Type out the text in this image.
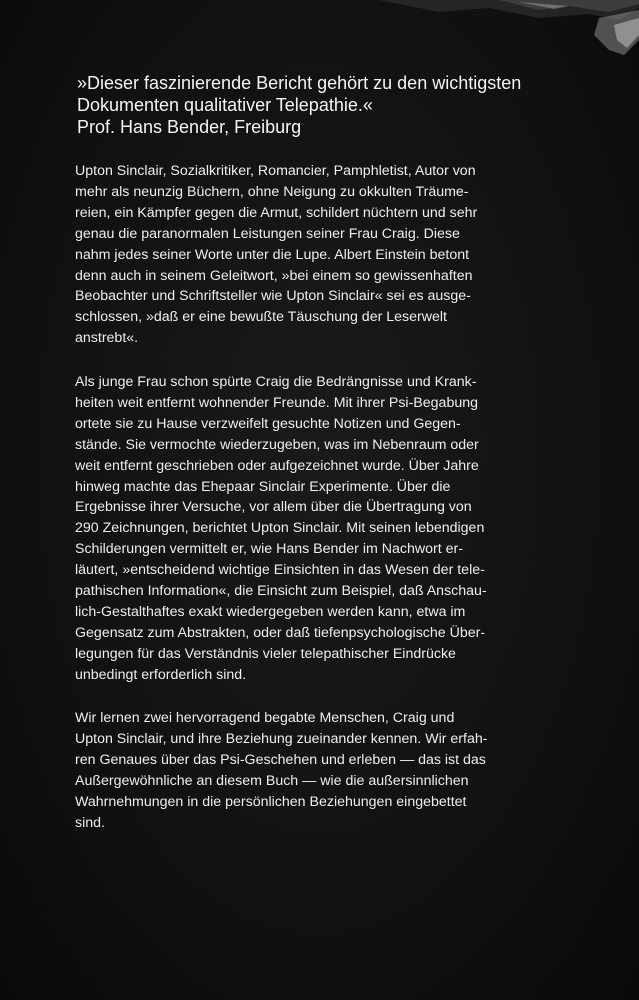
»Dieser faszinierende Bericht gehört zu den wichtigsten
Dokumenten qualitativer Telepathie.«
Prof. Hans Bender, Freiburg
Upton Sinclair, Sozialkritiker, Romancier, Pamphletist, Autor von
mehr als neunzig Büchern, ohne Neigung zu okkulten Träume-
reien, ein Kämpfer gegen die Armut, schildert nüchtern und sehr
genau die paranormalen Leistungen seiner Frau Craig. Diese
nahm jedes seiner Worte unter die Lupe. Albert Einstein betont
denn auch in seinem Geleitwort, »bei einem so gewissenhaften
Beobachter und Schriftsteller wie Upton Sinclair« sei es ausge-
schlossen, »daß er eine bewußte Täuschung der Leserwelt
anstrebt«.
Als junge Frau schon spürte Craig die Bedrängnisse und Krank-
heiten weit entfernt wohnender Freunde. Mit ihrer Psi-Begabung
ortete sie zu Hause verzweifelt gesuchte Notizen und Gegen-
stände. Sie vermochte wiederzugeben, was im Nebenraum oder
weit entfernt geschrieben oder aufgezeichnet wurde. Über Jahre
hinweg machte das Ehepaar Sinclair Experimente. Über die
Ergebnisse ihrer Versuche, vor allem über die Übertragung von
290 Zeichnungen, berichtet Upton Sinclair. Mit seinen lebendigen
Schilderungen vermittelt er, wie Hans Bender im Nachwort er-
läutert, »entscheidend wichtige Einsichten in das Wesen der tele-
pathischen Information«, die Einsicht zum Beispiel, daß Anschau-
lich-Gestalthaftes exakt wiedergegeben werden kann, etwa im
Gegensatz zum Abstrakten, oder daß tiefenpsychologische Über-
legungen für das Verständnis vieler telepathischer Eindrücke
unbedingt erforderlich sind.
Wir lernen zwei hervorragend begabte Menschen, Craig und
Upton Sinclair, und ihre Beziehung zueinander kennen. Wir erfah-
ren Genaues über das Psi-Geschehen und erleben — das ist das
Außergewöhnliche an diesem Buch — wie die außersinnlichen
Wahrnehmungen in die persönlichen Beziehungen eingebettet
sind.
